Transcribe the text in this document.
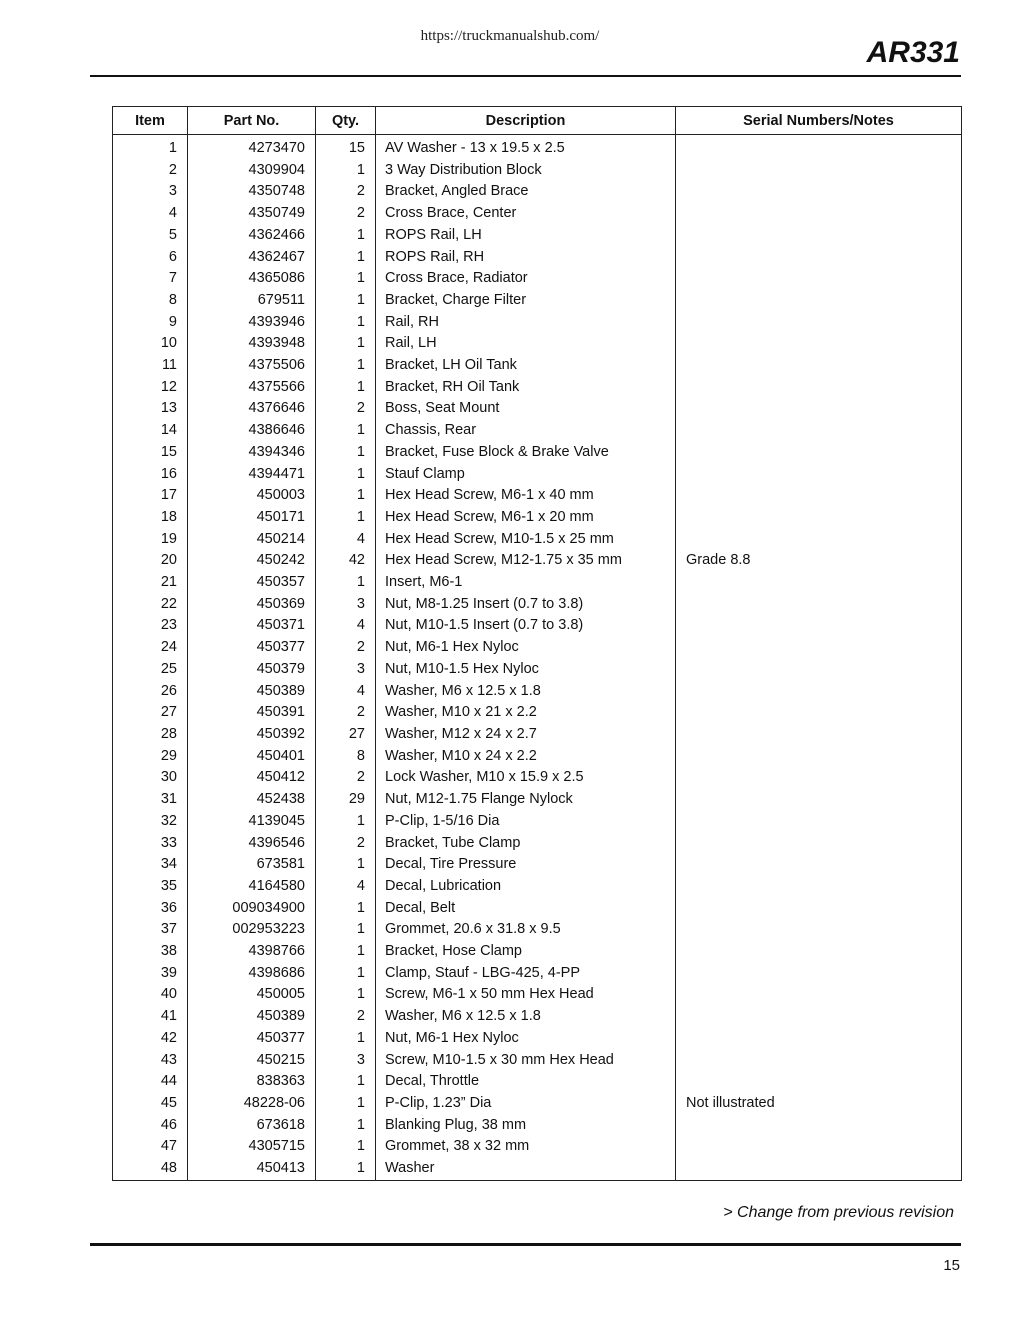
https://truckmanualshub.com/	AR331
Item	Part No.	Qty.	Description	Serial Numbers/Notes
1	4273470	15	AV Washer - 13 x 19.5 x 2.5	
2	4309904	1	3 Way Distribution Block	
3	4350748	2	Bracket, Angled Brace	
4	4350749	2	Cross Brace, Center	
5	4362466	1	ROPS Rail, LH	
6	4362467	1	ROPS Rail, RH	
7	4365086	1	Cross Brace, Radiator	
8	679511	1	Bracket, Charge Filter	
9	4393946	1	Rail, RH	
10	4393948	1	Rail, LH	
11	4375506	1	Bracket, LH Oil Tank	
12	4375566	1	Bracket, RH Oil Tank	
13	4376646	2	Boss, Seat Mount	
14	4386646	1	Chassis, Rear	
15	4394346	1	Bracket, Fuse Block & Brake Valve	
16	4394471	1	Stauf Clamp	
17	450003	1	Hex Head Screw, M6-1 x 40 mm	
18	450171	1	Hex Head Screw, M6-1 x 20 mm	
19	450214	4	Hex Head Screw, M10-1.5 x 25 mm	
20	450242	42	Hex Head Screw, M12-1.75 x 35 mm	Grade 8.8
21	450357	1	Insert, M6-1	
22	450369	3	Nut, M8-1.25 Insert (0.7 to 3.8)	
23	450371	4	Nut, M10-1.5 Insert (0.7 to 3.8)	
24	450377	2	Nut, M6-1 Hex Nyloc	
25	450379	3	Nut, M10-1.5 Hex Nyloc	
26	450389	4	Washer, M6 x 12.5 x 1.8	
27	450391	2	Washer, M10 x 21 x 2.2	
28	450392	27	Washer, M12 x 24 x 2.7	
29	450401	8	Washer, M10 x 24 x 2.2	
30	450412	2	Lock Washer, M10 x 15.9 x 2.5	
31	452438	29	Nut, M12-1.75 Flange Nylock	
32	4139045	1	P-Clip, 1-5/16 Dia	
33	4396546	2	Bracket, Tube Clamp	
34	673581	1	Decal, Tire Pressure	
35	4164580	4	Decal, Lubrication	
36	009034900	1	Decal, Belt	
37	002953223	1	Grommet, 20.6 x 31.8 x 9.5	
38	4398766	1	Bracket, Hose Clamp	
39	4398686	1	Clamp, Stauf - LBG-425, 4-PP	
40	450005	1	Screw, M6-1 x 50 mm Hex Head	
41	450389	2	Washer, M6 x 12.5 x 1.8	
42	450377	1	Nut, M6-1 Hex Nyloc	
43	450215	3	Screw, M10-1.5 x 30 mm Hex Head	
44	838363	1	Decal, Throttle	
45	48228-06	1	P-Clip, 1.23” Dia	Not illustrated
46	673618	1	Blanking Plug, 38 mm	
47	4305715	1	Grommet, 38 x 32 mm	
48	450413	1	Washer	
> Change from previous revision
15
